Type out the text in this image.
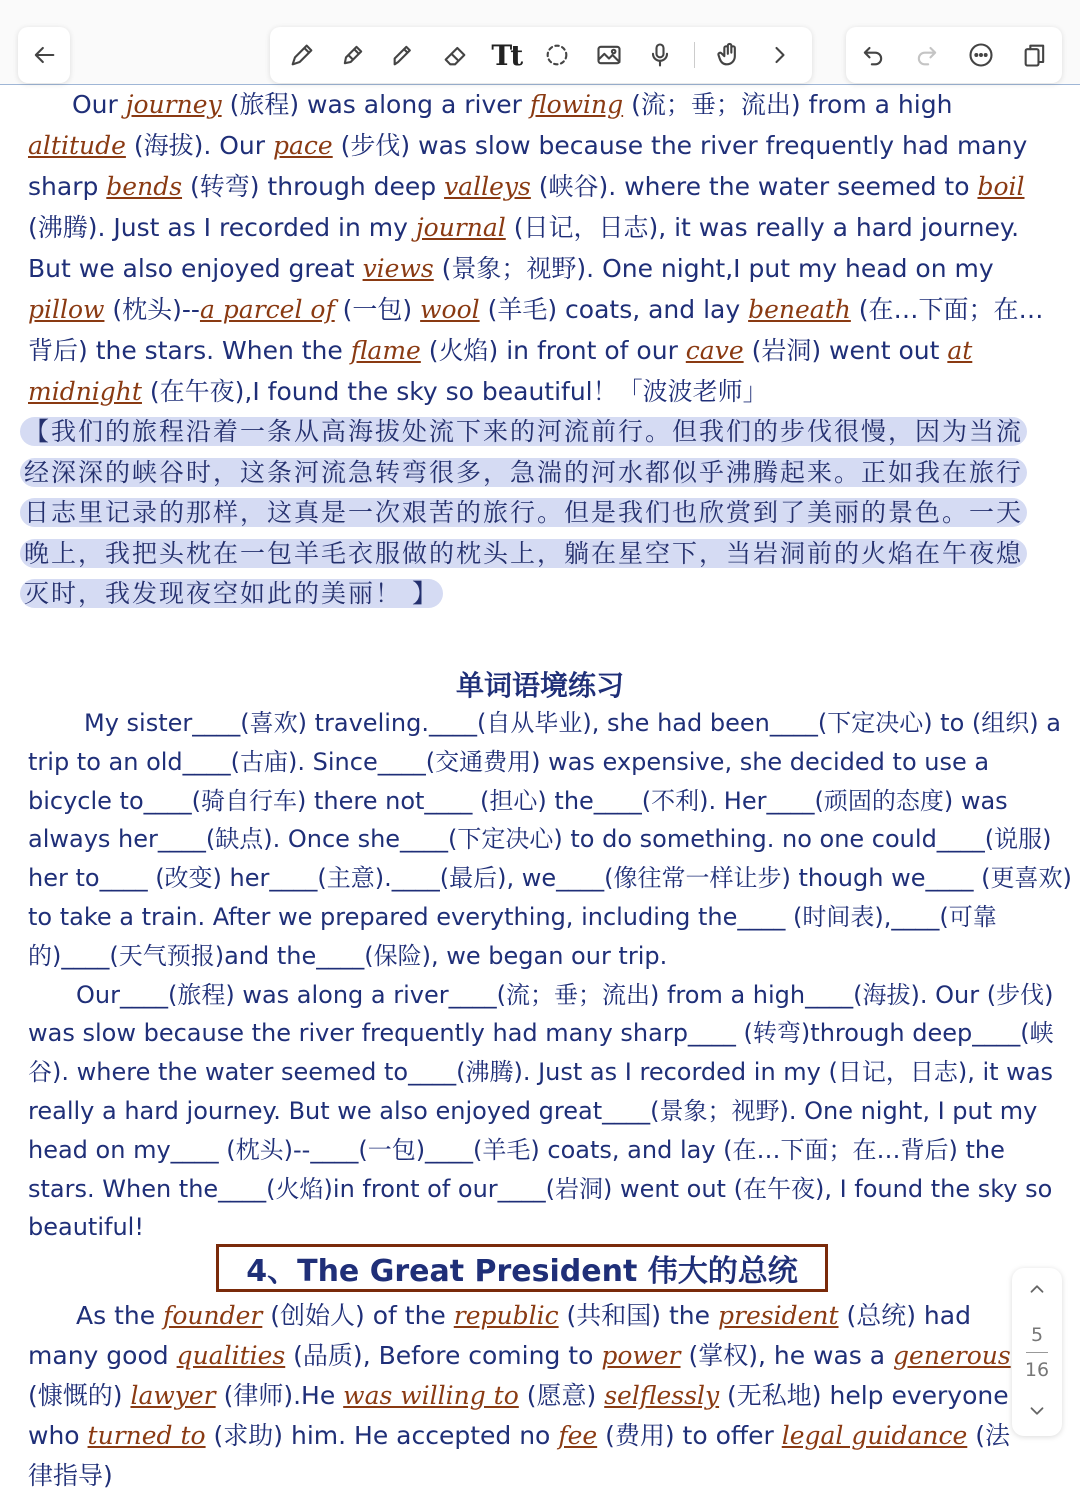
Tt

Our journey (旅程) was along a river flowing (流；垂；流出) from a high altitude (海拔). Our pace (步伐) was slow because the river frequently had many sharp bends (转弯) through deep valleys (峡谷). where the water seemed to boil (沸腾). Just as I recorded in my journal (日记，日志), it was really a hard journey. But we also enjoyed great views (景象；视野). One night,I put my head on my pillow (枕头)--a parcel of (一包) wool (羊毛) coats, and lay beneath (在…下面；在…背后) the stars. When the flame (火焰) in front of our cave (岩洞) went out at midnight (在午夜),I found the sky so beautiful！「波波老师」

【我们的旅程沿着一条从高海拔处流下来的河流前行。但我们的步伐很慢，因为当流经深深的峡谷时，这条河流急转弯很多，急湍的河水都似乎沸腾起来。正如我在旅行日志里记录的那样，这真是一次艰苦的旅行。但是我们也欣赏到了美丽的景色。一天晚上，我把头枕在一包羊毛衣服做的枕头上，躺在星空下，当岩洞前的火焰在午夜熄灭时，我发现夜空如此的美丽！ 】

单词语境练习

My sister____(喜欢) traveling.____(自从毕业), she had been____(下定决心) to (组织) a trip to an old____(古庙). Since____(交通费用) was expensive, she decided to use a bicycle to____(骑自行车) there not____ (担心) the____(不利). Her____(顽固的态度) was always her____(缺点). Once she____(下定决心) to do something. no one could____(说服) her to____ (改变) her____(主意).____(最后), we____(像往常一样让步) though we____ (更喜欢) to take a train. After we prepared everything, including the____ (时间表),____(可靠的)____(天气预报)and the____(保险), we began our trip.

Our____(旅程) was along a river____(流；垂；流出) from a high____(海拔). Our (步伐) was slow because the river frequently had many sharp____ (转弯)through deep____(峡谷). where the water seemed to____(沸腾). Just as I recorded in my (日记，日志), it was really a hard journey. But we also enjoyed great____(景象；视野). One night, I put my head on my____ (枕头)--____(一包)____(羊毛) coats, and lay (在…下面；在…背后) the stars. When the____(火焰)in front of our____(岩洞) went out (在午夜), I found the sky so beautiful!

4、The Great President 伟大的总统

As the founder (创始人) of the republic (共和国) the president (总统) had many good qualities (品质), Before coming to power (掌权), he was a generous (慷慨的) lawyer (律师).He was willing to (愿意) selflessly (无私地) help everyone who turned to (求助) him. He accepted no fee (费用) to offer legal guidance (法律指导)

5
16
